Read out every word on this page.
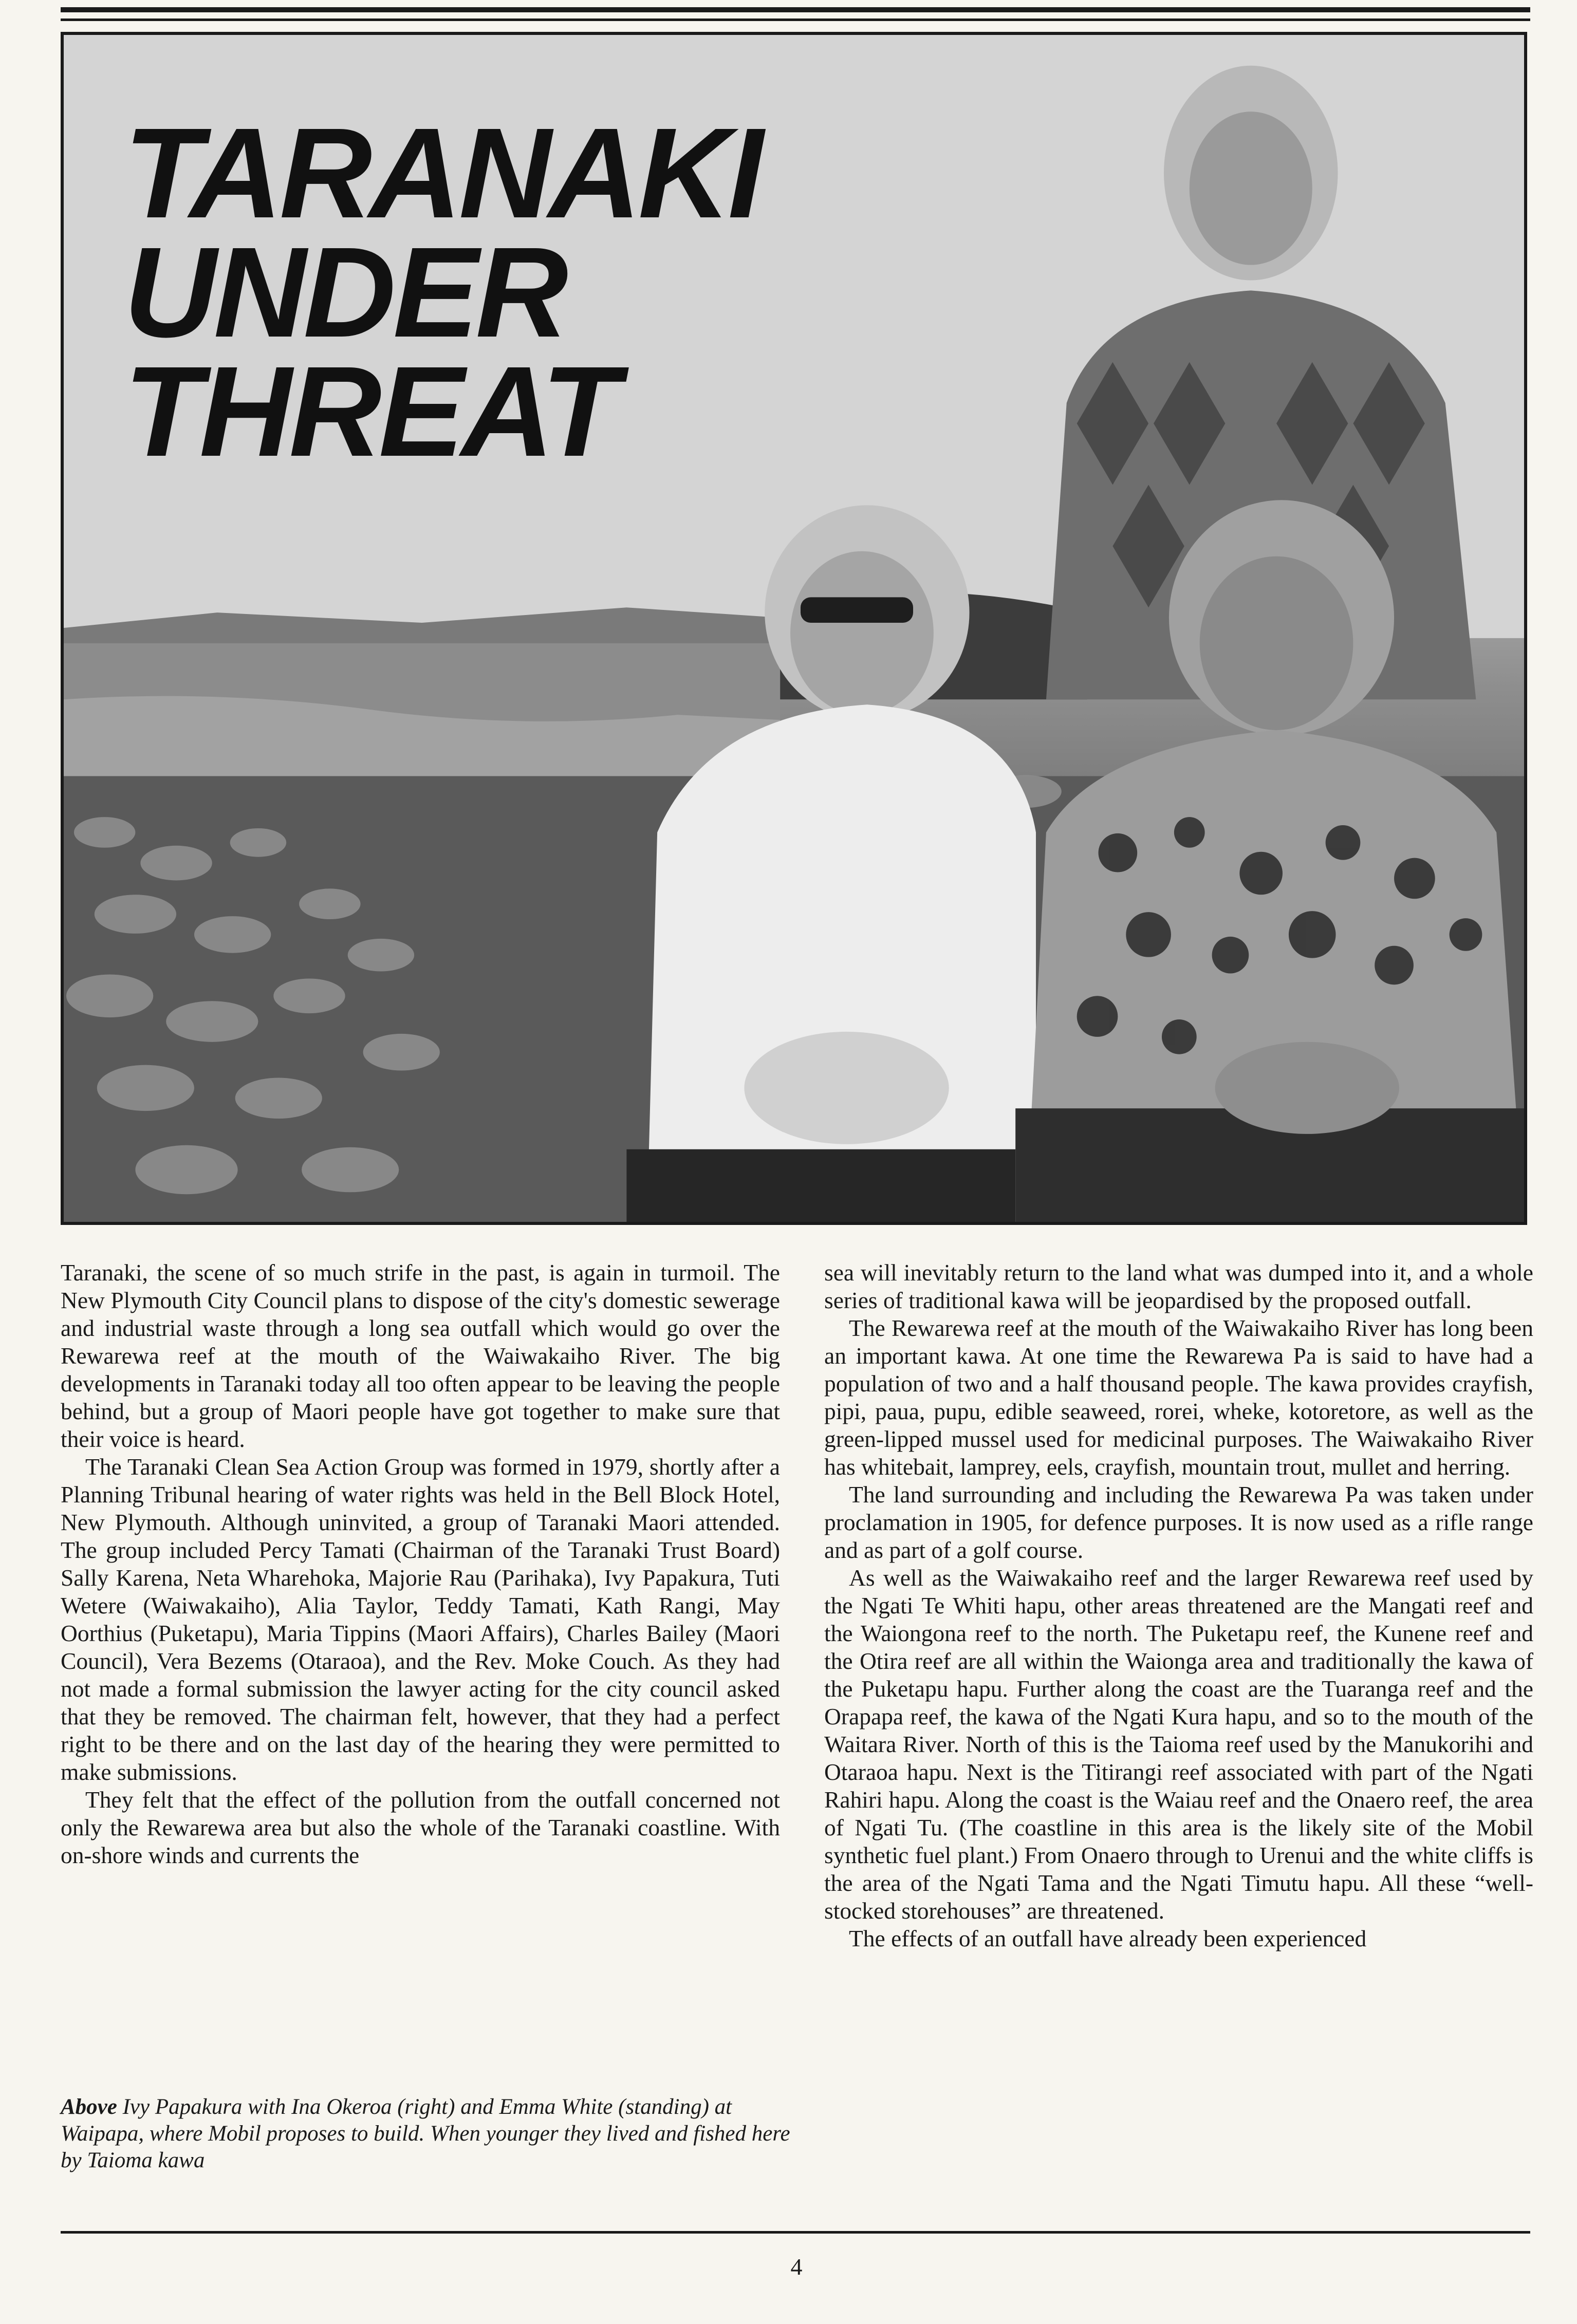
TARANAKI
UNDER
THREAT

Taranaki, the scene of so much strife in the past, is again in turmoil. The New Plymouth City Council plans to dispose of the city's domestic sewerage and industrial waste through a long sea outfall which would go over the Rewarewa reef at the mouth of the Waiwakaiho River. The big developments in Taranaki today all too often appear to be leaving the people behind, but a group of Maori people have got together to make sure that their voice is heard.

The Taranaki Clean Sea Action Group was formed in 1979, shortly after a Planning Tribunal hearing of water rights was held in the Bell Block Hotel, New Plymouth. Although uninvited, a group of Taranaki Maori attended. The group included Percy Tamati (Chairman of the Taranaki Trust Board) Sally Karena, Neta Wharehoka, Majorie Rau (Parihaka), Ivy Papakura, Tuti Wetere (Waiwakaiho), Alia Taylor, Teddy Tamati, Kath Rangi, May Oorthius (Puketapu), Maria Tippins (Maori Affairs), Charles Bailey (Maori Council), Vera Bezems (Otaraoa), and the Rev. Moke Couch. As they had not made a formal submission the lawyer acting for the city council asked that they be removed. The chairman felt, however, that they had a perfect right to be there and on the last day of the hearing they were permitted to make submissions.

They felt that the effect of the pollution from the outfall concerned not only the Rewarewa area but also the whole of the Taranaki coastline. With on-shore winds and currents the

Above Ivy Papakura with Ina Okeroa (right) and Emma White (standing) at Waipapa, where Mobil proposes to build. When younger they lived and fished here by Taioma kawa

sea will inevitably return to the land what was dumped into it, and a whole series of traditional kawa will be jeopardised by the proposed outfall.

The Rewarewa reef at the mouth of the Waiwakaiho River has long been an important kawa. At one time the Rewarewa Pa is said to have had a population of two and a half thousand people. The kawa provides crayfish, pipi, paua, pupu, edible seaweed, rorei, wheke, kotoretore, as well as the green-lipped mussel used for medicinal purposes. The Waiwakaiho River has whitebait, lamprey, eels, crayfish, mountain trout, mullet and herring.

The land surrounding and including the Rewarewa Pa was taken under proclamation in 1905, for defence purposes. It is now used as a rifle range and as part of a golf course.

As well as the Waiwakaiho reef and the larger Rewarewa reef used by the Ngati Te Whiti hapu, other areas threatened are the Mangati reef and the Waiongona reef to the north. The Puketapu reef, the Kunene reef and the Otira reef are all within the Waionga area and traditionally the kawa of the Puketapu hapu. Further along the coast are the Tuaranga reef and the Orapapa reef, the kawa of the Ngati Kura hapu, and so to the mouth of the Waitara River. North of this is the Taioma reef used by the Manukorihi and Otaraoa hapu. Next is the Titirangi reef associated with part of the Ngati Rahiri hapu. Along the coast is the Waiau reef and the Onaero reef, the area of Ngati Tu. (The coastline in this area is the likely site of the Mobil synthetic fuel plant.) From Onaero through to Urenui and the white cliffs is the area of the Ngati Tama and the Ngati Timutu hapu. All these “well-stocked storehouses” are threatened.

The effects of an outfall have already been experienced

4
